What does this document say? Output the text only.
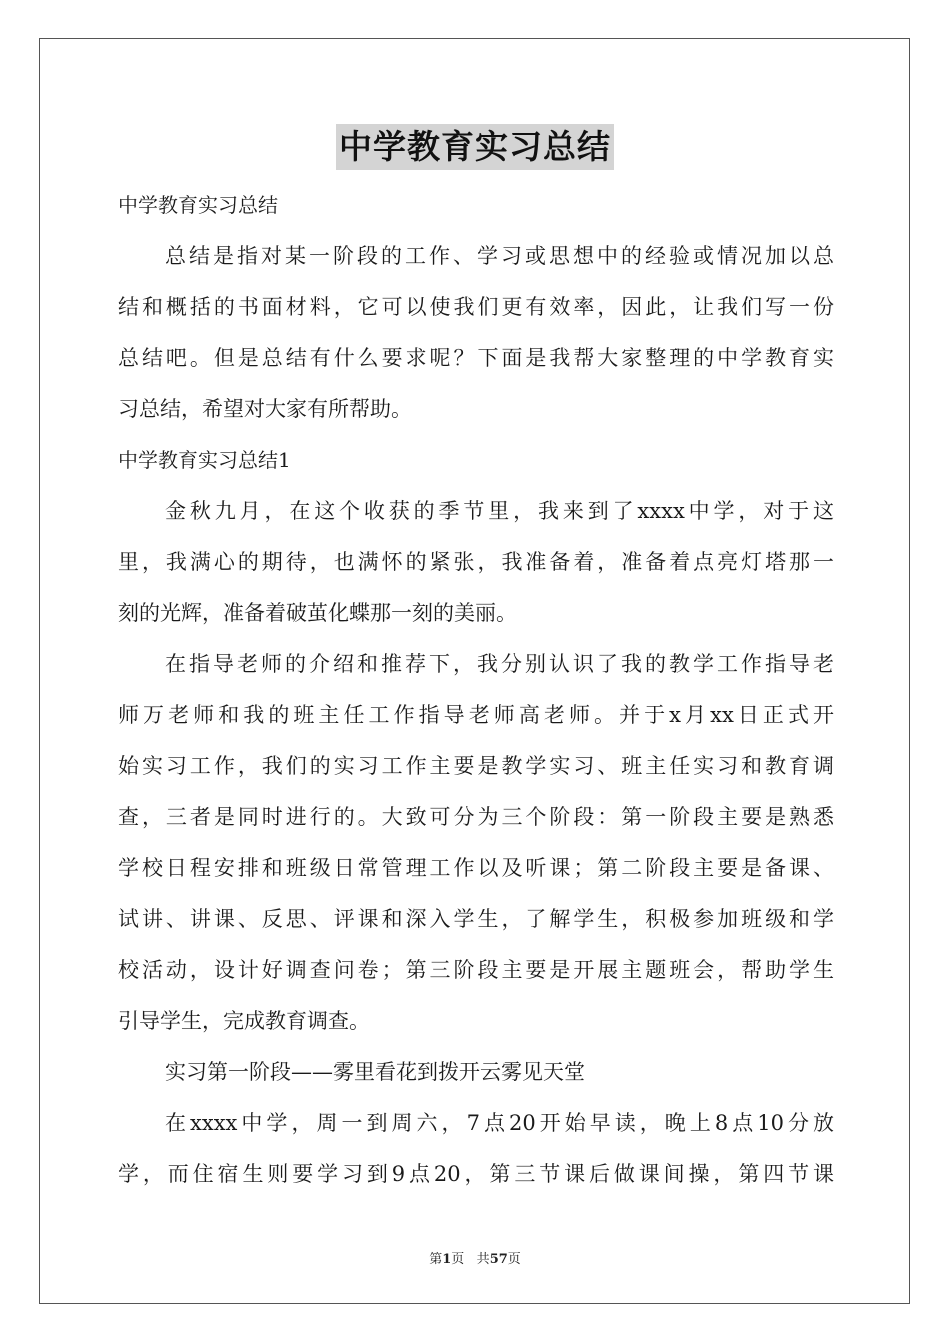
中学教育实习总结
中学教育实习总结
总结是指对某一阶段的工作、学习或思想中的经验或情况加以总
结和概括的书面材料，它可以使我们更有效率，因此，让我们写一份
总结吧。但是总结有什么要求呢？下面是我帮大家整理的中学教育实
习总结，希望对大家有所帮助。
中学教育实习总结1
金秋九月，在这个收获的季节里，我来到了xxxx中学，对于这
里，我满心的期待，也满怀的紧张，我准备着，准备着点亮灯塔那一
刻的光辉，准备着破茧化蝶那一刻的美丽。
在指导老师的介绍和推荐下，我分别认识了我的教学工作指导老
师万老师和我的班主任工作指导老师高老师。并于x月xx日正式开
始实习工作，我们的实习工作主要是教学实习、班主任实习和教育调
查，三者是同时进行的。大致可分为三个阶段：第一阶段主要是熟悉
学校日程安排和班级日常管理工作以及听课；第二阶段主要是备课、
试讲、讲课、反思、评课和深入学生，了解学生，积极参加班级和学
校活动，设计好调查问卷；第三阶段主要是开展主题班会，帮助学生
引导学生，完成教育调查。
实习第一阶段——雾里看花到拨开云雾见天堂
在xxxx中学，周一到周六，7点20开始早读，晚上8点10分放
学，而住宿生则要学习到9点20，第三节课后做课间操，第四节课
第1页 共57页
